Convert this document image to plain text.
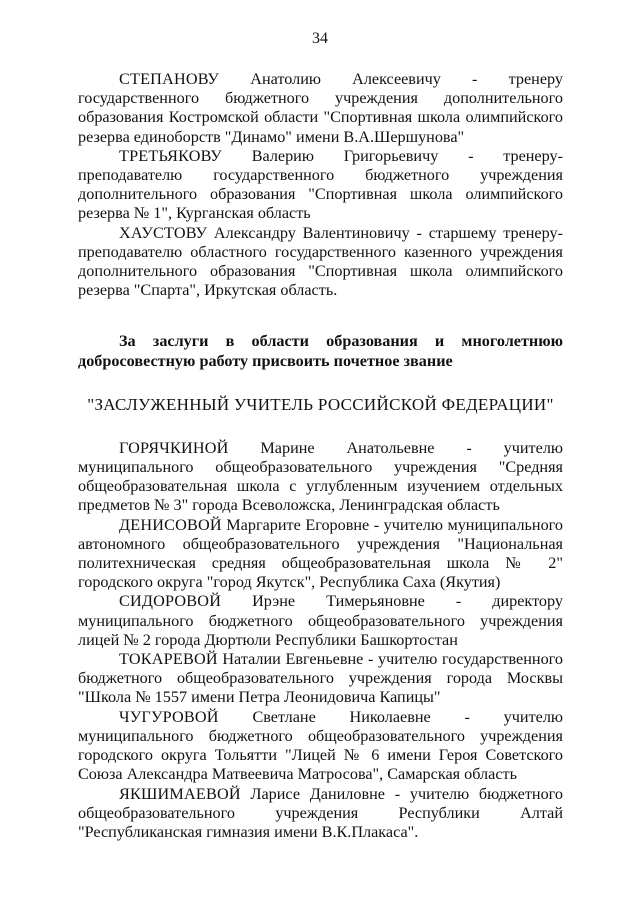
34

СТЕПАНОВУ Анатолию Алексеевичу - тренеру государственного бюджетного учреждения дополнительного образования Костромской области "Спортивная школа олимпийского резерва единоборств "Динамо" имени В.А.Шершунова"

ТРЕТЬЯКОВУ Валерию Григорьевичу - тренеру-преподавателю государственного бюджетного учреждения дополнительного образования "Спортивная школа олимпийского резерва № 1", Курганская область

ХАУСТОВУ Александру Валентиновичу - старшему тренеру-преподавателю областного государственного казенного учреждения дополнительного образования "Спортивная школа олимпийского резерва "Спарта", Иркутская область.

За заслуги в области образования и многолетнюю добросовестную работу присвоить почетное звание

"ЗАСЛУЖЕННЫЙ УЧИТЕЛЬ РОССИЙСКОЙ ФЕДЕРАЦИИ"

ГОРЯЧКИНОЙ Марине Анатольевне - учителю муниципального общеобразовательного учреждения "Средняя общеобразовательная школа с углубленным изучением отдельных предметов № 3" города Всеволожска, Ленинградская область

ДЕНИСОВОЙ Маргарите Егоровне - учителю муниципального автономного общеобразовательного учреждения "Национальная политехническая средняя общеобразовательная школа № 2" городского округа "город Якутск", Республика Саха (Якутия)

СИДОРОВОЙ Ирэне Тимерьяновне - директору муниципального бюджетного общеобразовательного учреждения лицей № 2 города Дюртюли Республики Башкортостан

ТОКАРЕВОЙ Наталии Евгеньевне - учителю государственного бюджетного общеобразовательного учреждения города Москвы "Школа № 1557 имени Петра Леонидовича Капицы"

ЧУГУРОВОЙ Светлане Николаевне - учителю муниципального бюджетного общеобразовательного учреждения городского округа Тольятти "Лицей № 6 имени Героя Советского Союза Александра Матвеевича Матросова", Самарская область

ЯКШИМАЕВОЙ Ларисе Даниловне - учителю бюджетного общеобразовательного учреждения Республики Алтай "Республиканская гимназия имени В.К.Плакаса".
